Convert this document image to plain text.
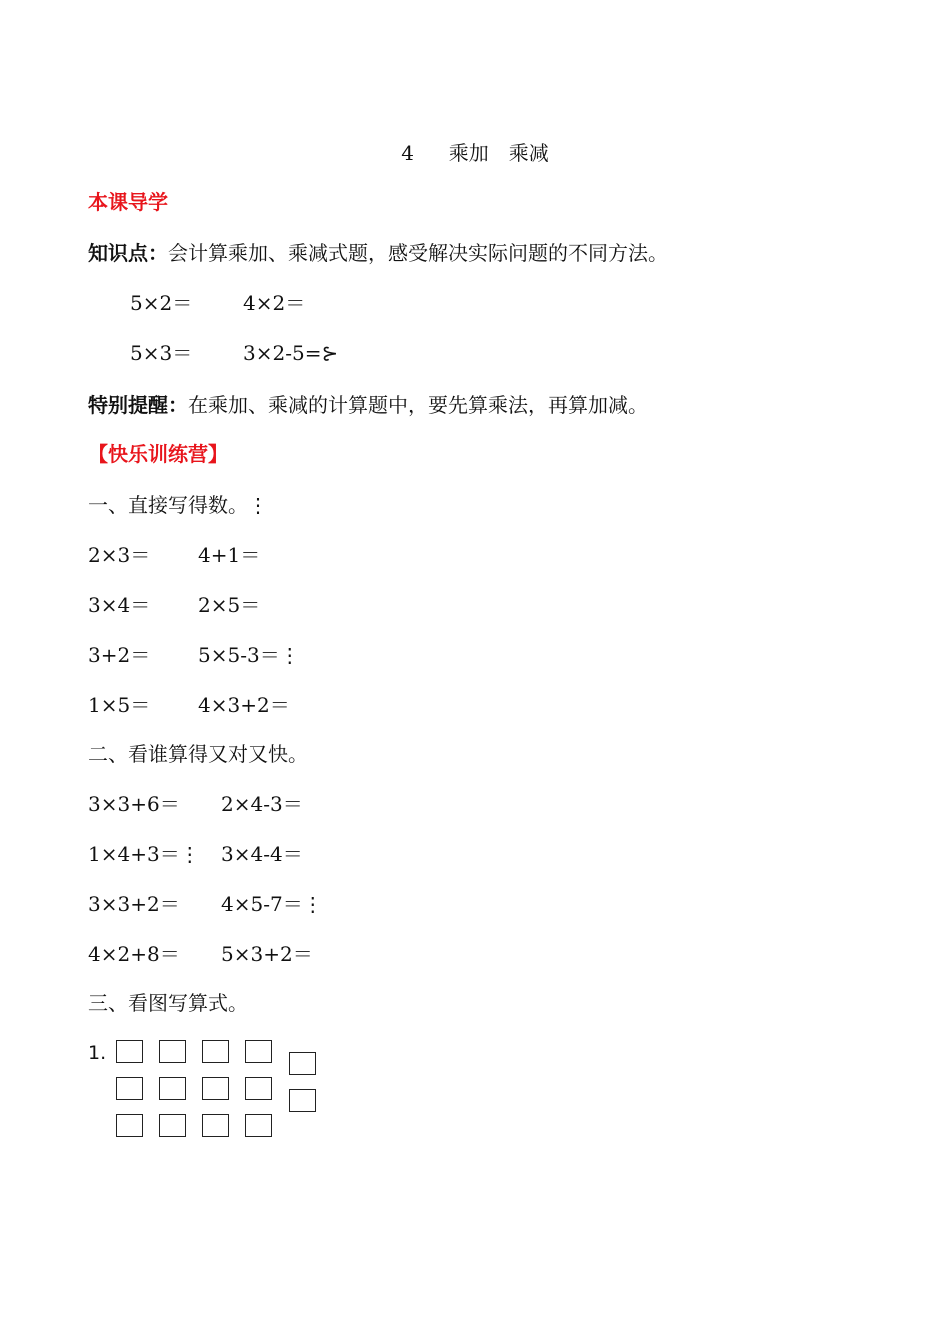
4 乘加　乘减
本课导学
知识点：会计算乘加、乘减式题，感受解决实际问题的不同方法。
5×2＝	4×2＝
5×3＝	3×2-5=⊱
特别提醒：在乘加、乘减的计算题中，要先算乘法，再算加减。
【快乐训练营】
一、直接写得数。⋮
2×3＝ 4+1＝
3×4＝ 2×5＝
3+2＝ 5×5-3＝⋮
1×5＝ 4×3+2＝
二、看谁算得又对又快。
3×3+6＝ 2×4-3＝
1×4+3＝⋮ 3×4-4＝
3×3+2＝ 4×5-7＝⋮
4×2+8＝ 5×3+2＝
三、看图写算式。
1.
